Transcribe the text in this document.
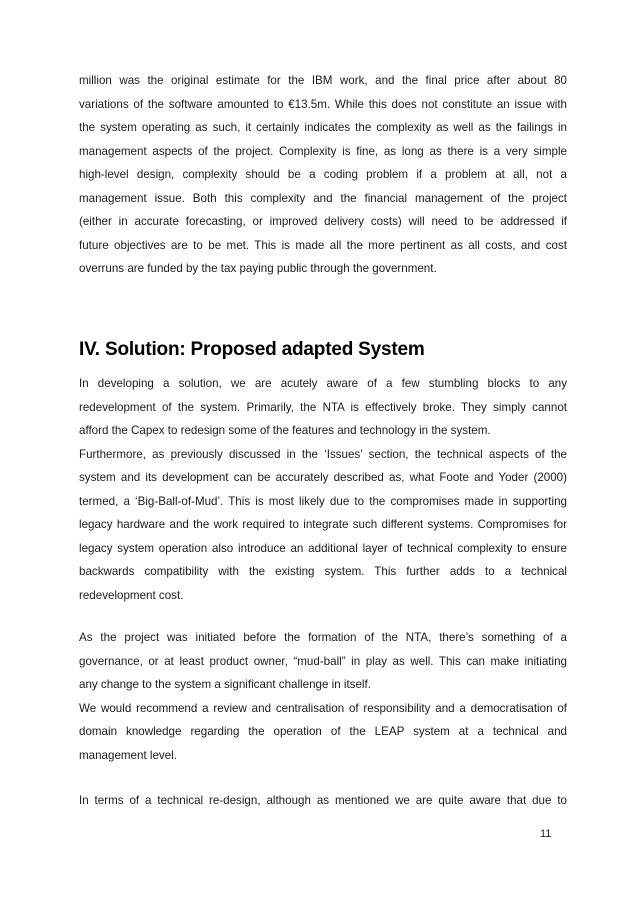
million was the original estimate for the IBM work, and the final price after about 80
variations of the software amounted to €13.5m. While this does not constitute an issue with
the system operating as such, it certainly indicates the complexity as well as the failings in
management aspects of the project. Complexity is fine, as long as there is a very simple
high-level design, complexity should be a coding problem if a problem at all, not a
management issue. Both this complexity and the financial management of the project
(either in accurate forecasting, or improved delivery costs) will need to be addressed if
future objectives are to be met. This is made all the more pertinent as all costs, and cost
overruns are funded by the tax paying public through the government.
IV. Solution: Proposed adapted System
In developing a solution, we are acutely aware of a few stumbling blocks to any
redevelopment of the system. Primarily, the NTA is effectively broke. They simply cannot
afford the Capex to redesign some of the features and technology in the system.
Furthermore, as previously discussed in the ‘Issues’ section, the technical aspects of the
system and its development can be accurately described as, what Foote and Yoder (2000)
termed, a ‘Big-Ball-of-Mud’. This is most likely due to the compromises made in supporting
legacy hardware and the work required to integrate such different systems. Compromises for
legacy system operation also introduce an additional layer of technical complexity to ensure
backwards compatibility with the existing system. This further adds to a technical
redevelopment cost.
As the project was initiated before the formation of the NTA, there’s something of a
governance, or at least product owner, “mud-ball” in play as well. This can make initiating
any change to the system a significant challenge in itself.
We would recommend a review and centralisation of responsibility and a democratisation of
domain knowledge regarding the operation of the LEAP system at a technical and
management level.
In terms of a technical re-design, although as mentioned we are quite aware that due to
11
